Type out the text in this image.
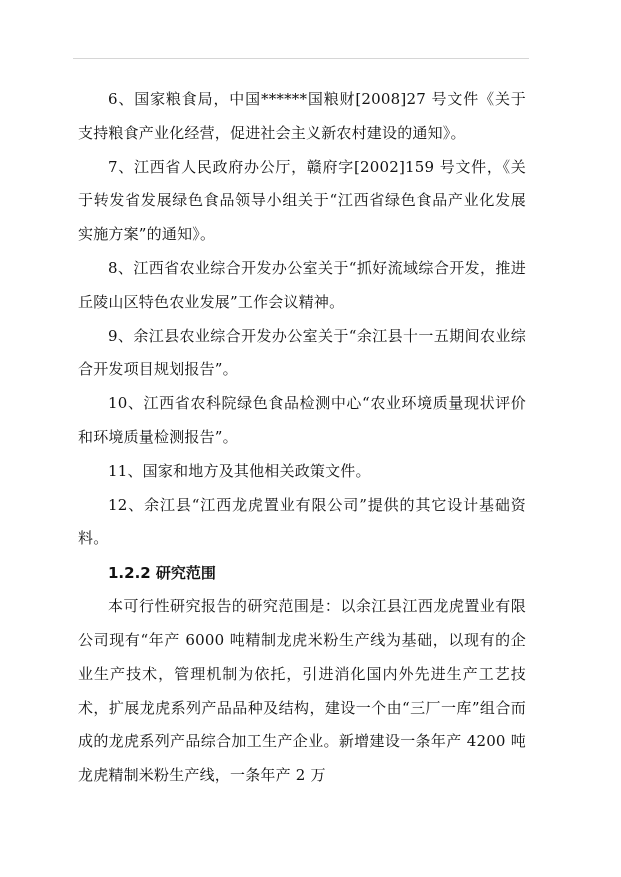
6、国家粮食局，中国******国粮财[2008]27 号文件《关于支持粮食产业化经营，促进社会主义新农村建设的通知》。

7、江西省人民政府办公厅，赣府字[2002]159 号文件，《关于转发省发展绿色食品领导小组关于“江西省绿色食品产业化发展实施方案”的通知》。

8、江西省农业综合开发办公室关于“抓好流域综合开发，推进丘陵山区特色农业发展”工作会议精神。

9、余江县农业综合开发办公室关于“余江县十一五期间农业综合开发项目规划报告”。

10、江西省农科院绿色食品检测中心“农业环境质量现状评价和环境质量检测报告”。

11、国家和地方及其他相关政策文件。

12、余江县“江西龙虎置业有限公司”提供的其它设计基础资料。

1.2.2 研究范围

本可行性研究报告的研究范围是：以余江县江西龙虎置业有限公司现有“年产 6000 吨精制龙虎米粉生产线为基础，以现有的企业生产技术，管理机制为依托，引进消化国内外先进生产工艺技术，扩展龙虎系列产品品种及结构，建设一个由“三厂一库”组合而成的龙虎系列产品综合加工生产企业。新增建设一条年产 4200 吨龙虎精制米粉生产线，一条年产 2 万
